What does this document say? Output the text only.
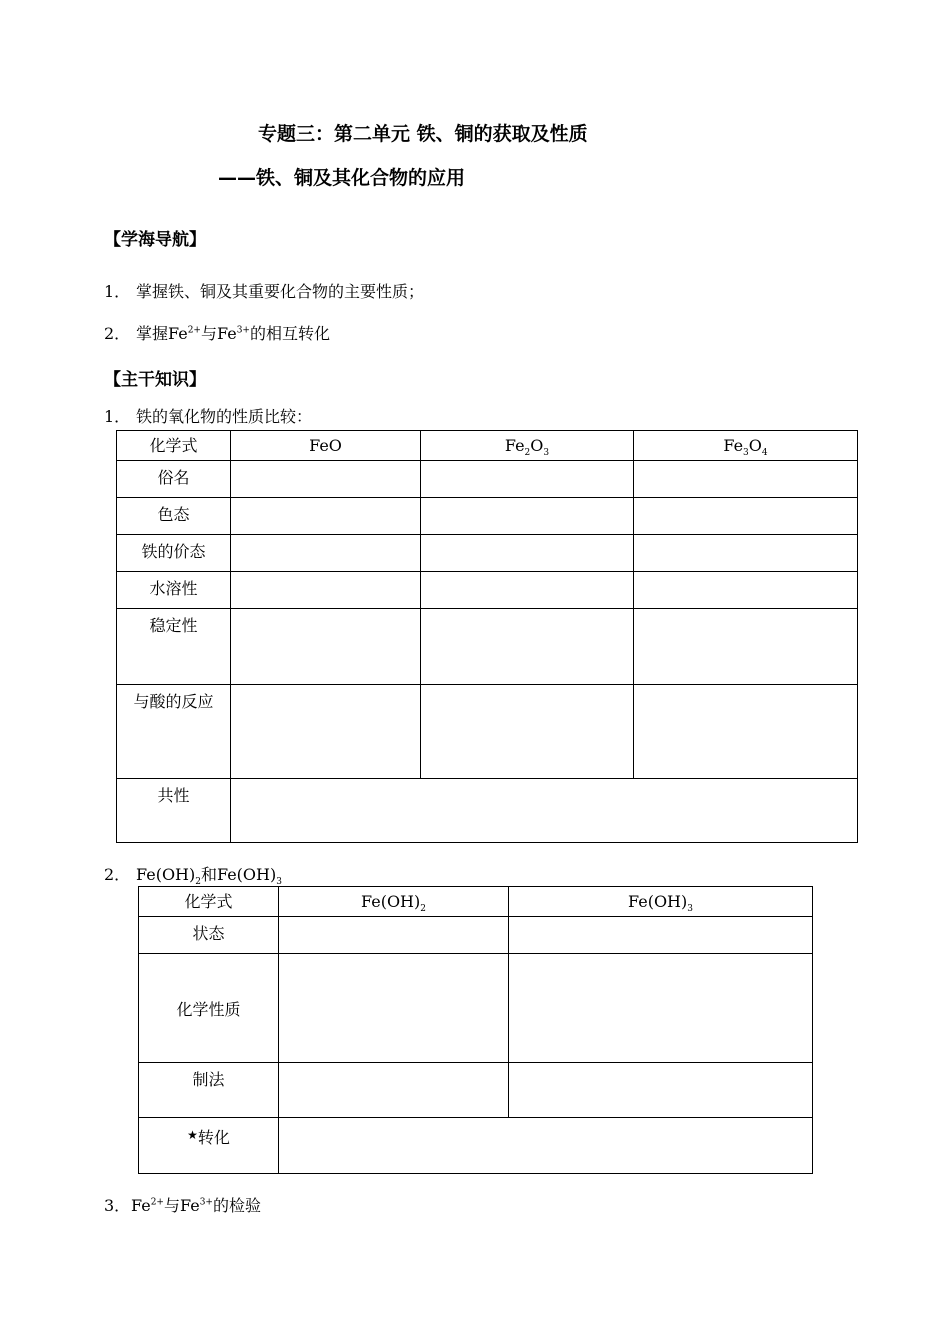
专题三：第二单元 铁、铜的获取及性质
——铁、铜及其化合物的应用
【学海导航】
1． 掌握铁、铜及其重要化合物的主要性质；
2． 掌握$Fe^{2+}$与$Fe^{3+}$的相互转化
【主干知识】
1． 铁的氧化物的性质比较：
化学式	FeO	$Fe_2O_3$	$Fe_3O_4$
俗名			
色态			
铁的价态			
水溶性			
稳定性			
与酸的反应			
共性			
2． $Fe(OH)_2$和$Fe(OH)_3$
化学式	$Fe(OH)_2$	$Fe(OH)_3$
状态		
化学性质		
制法		
★转化		
3．$Fe^{2+}$与$Fe^{3+}$的检验
